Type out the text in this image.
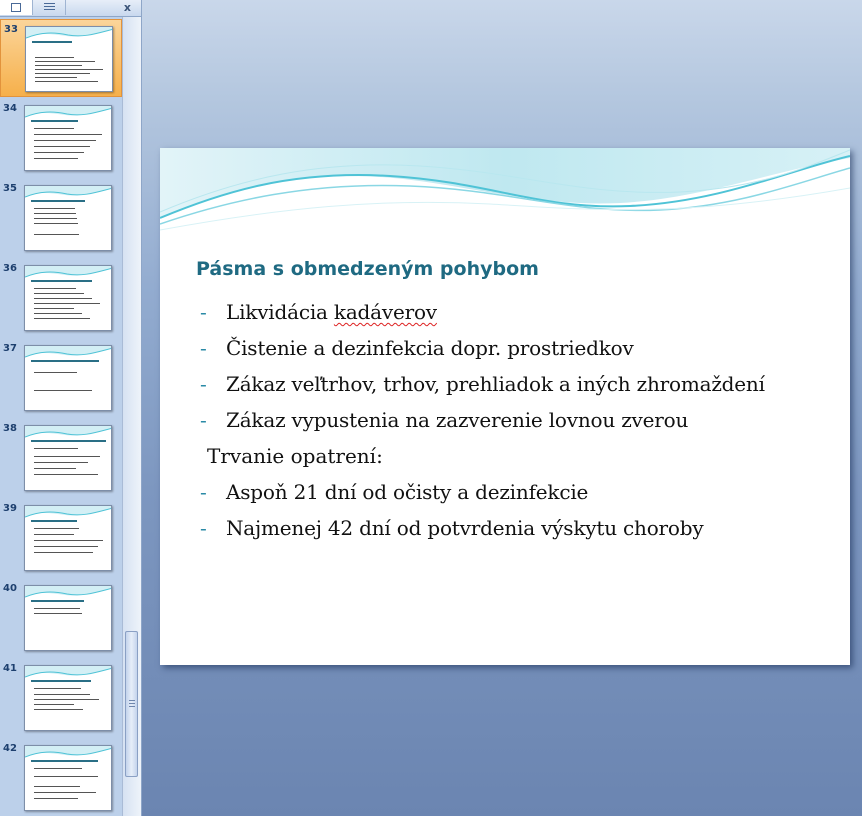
x
33
34
35
36
37
38
39
40
41
42
Pásma s obmedzeným pohybom
- Likvidácia kadáverov
- Čistenie a dezinfekcia dopr. prostriedkov
- Zákaz veľtrhov, trhov, prehliadok a iných zhromaždení
- Zákaz vypustenia na zazverenie lovnou zverou
Trvanie opatrení:
- Aspoň 21 dní od očisty a dezinfekcie
- Najmenej 42 dní od potvrdenia výskytu choroby
